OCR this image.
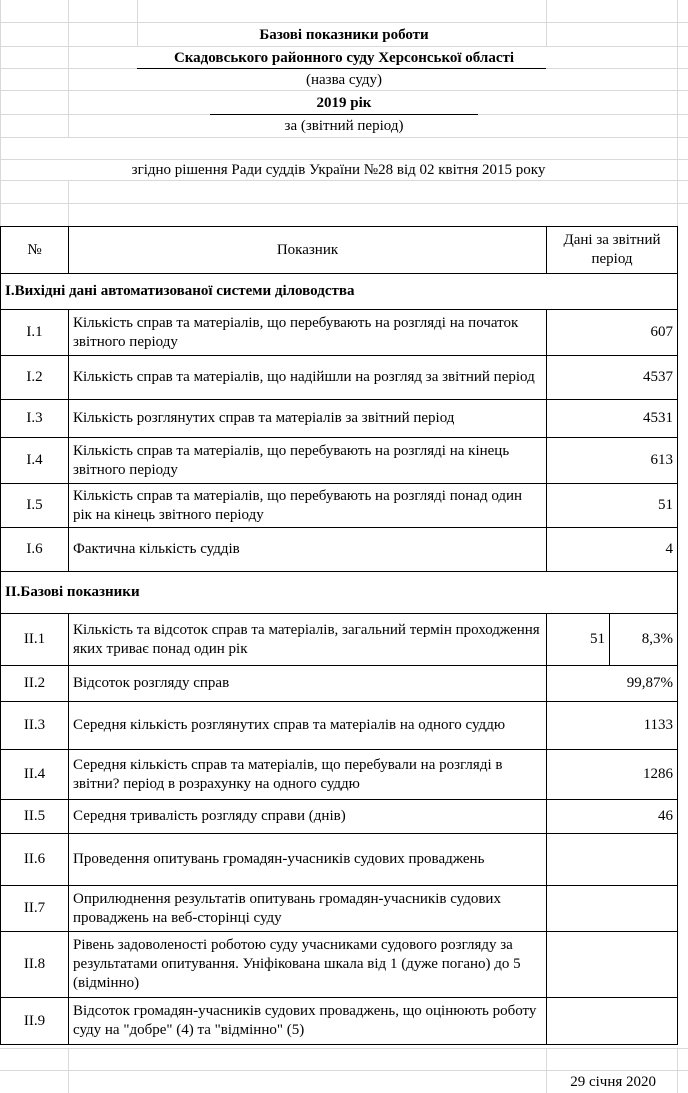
Базові показники роботи
Скадовського районного суду Херсонської області
(назва суду)
2019 рік
за (звітний період)
згідно рішення Ради суддів України №28 від 02 квітня 2015 року
№	Показник	Дані за звітний період	
I.Вихідні дані автоматизованої системи діловодства			
I.1	Кількість справ та матеріалів, що перебувають на розгляді на початок звітного періоду	607	
I.2	Кількість справ та матеріалів, що надійшли на розгляд за звітний період	4537	
I.3	Кількість розглянутих справ та матеріалів за звітний період	4531	
I.4	Кількість справ та матеріалів, що перебувають на розгляді на кінець звітного періоду	613	
I.5	Кількість справ та матеріалів, що перебувають на розгляді понад один рік на кінець звітного періоду	51	
I.6	Фактична кількість суддів	4	
II.Базові показники			
II.1	Кількість та відсоток справ та матеріалів, загальний термін проходження яких триває понад один рік	51	8,3%
II.2	Відсоток розгляду справ	99,87%	
II.3	Середня кількість розглянутих справ та матеріалів на одного суддю	1133	
II.4	Середня кількість справ та матеріалів, що перебували на розгляді в звітни? період в розрахунку на одного суддю	1286	
II.5	Середня тривалість розгляду справи (днів)	46	
II.6	Проведення опитувань громадян-учасників судових проваджень		
II.7	Оприлюднення результатів опитувань громадян-учасників судових проваджень на веб-сторінці суду		
II.8	Рівень задоволеності роботою суду учасниками судового розгляду за результатами опитування. Уніфікована шкала від 1 (дуже погано) до 5 (відмінно)		
II.9	Відсоток громадян-учасників судових проваджень, що оцінюють роботу суду на "добре" (4) та "відмінно" (5)		
29 січня 2020
